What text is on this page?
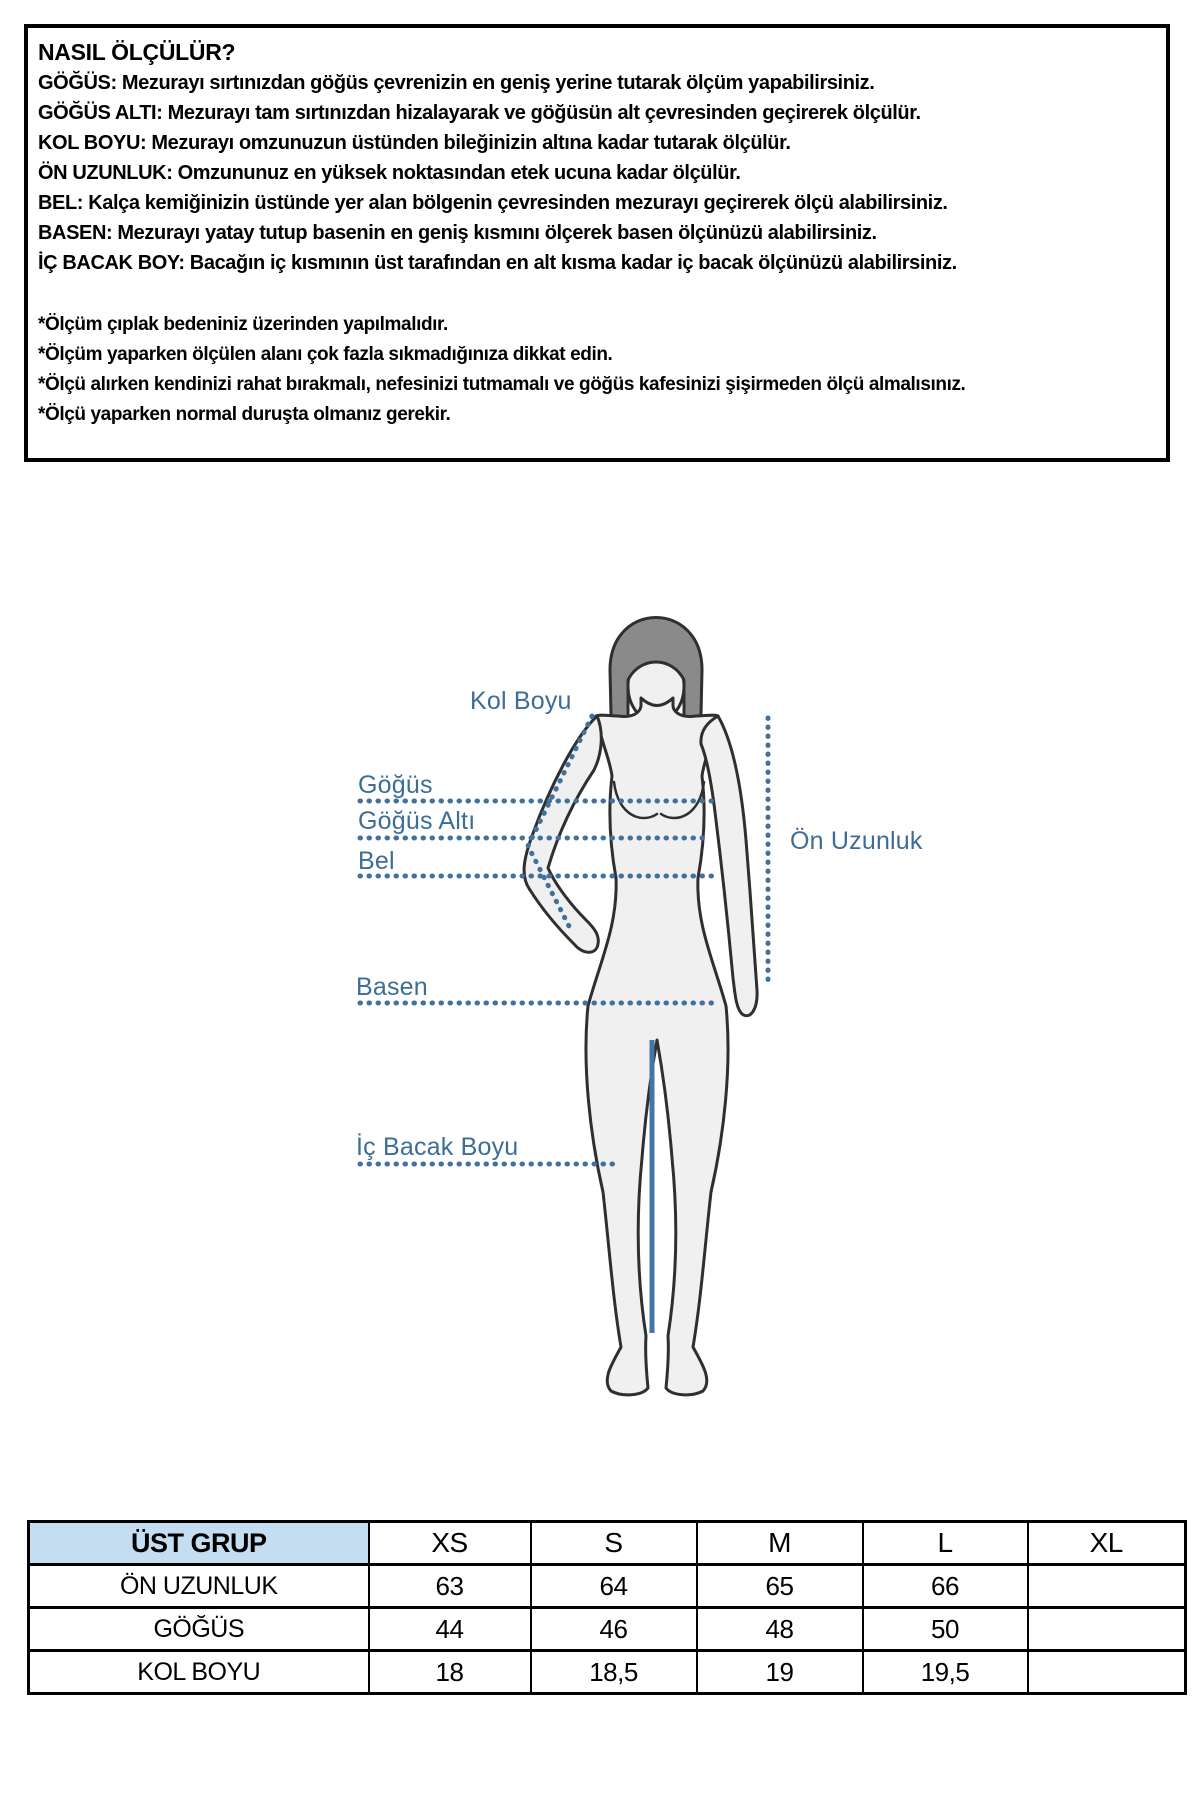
NASIL ÖLÇÜLÜR?
GÖĞÜS: Mezurayı sırtınızdan göğüs çevrenizin en geniş yerine tutarak ölçüm yapabilirsiniz.
GÖĞÜS ALTI: Mezurayı tam sırtınızdan hizalayarak ve göğüsün alt çevresinden geçirerek ölçülür.
KOL BOYU: Mezurayı omzunuzun üstünden bileğinizin altına kadar tutarak ölçülür.
ÖN UZUNLUK: Omzununuz en yüksek noktasından etek ucuna kadar ölçülür.
BEL: Kalça kemiğinizin üstünde yer alan bölgenin çevresinden mezurayı geçirerek ölçü alabilirsiniz.
BASEN: Mezurayı yatay tutup basenin en geniş kısmını ölçerek basen ölçünüzü alabilirsiniz.
İÇ BACAK BOY: Bacağın iç kısmının üst tarafından en alt kısma kadar iç bacak ölçünüzü alabilirsiniz.
*Ölçüm çıplak bedeniniz üzerinden yapılmalıdır.
*Ölçüm yaparken ölçülen alanı çok fazla sıkmadığınıza dikkat edin.
*Ölçü alırken kendinizi rahat bırakmalı, nefesinizi tutmamalı ve göğüs kafesinizi şişirmeden ölçü almalısınız.
*Ölçü yaparken normal duruşta olmanız gerekir.
Kol Boyu
Göğüs
Göğüs Altı
Bel
Basen
İç Bacak Boyu
Ön Uzunluk
ÜST GRUP	XS	S	M	L	XL
ÖN UZUNLUK	63	64	65	66	
GÖĞÜS	44	46	48	50	
KOL BOYU	18	18,5	19	19,5	
